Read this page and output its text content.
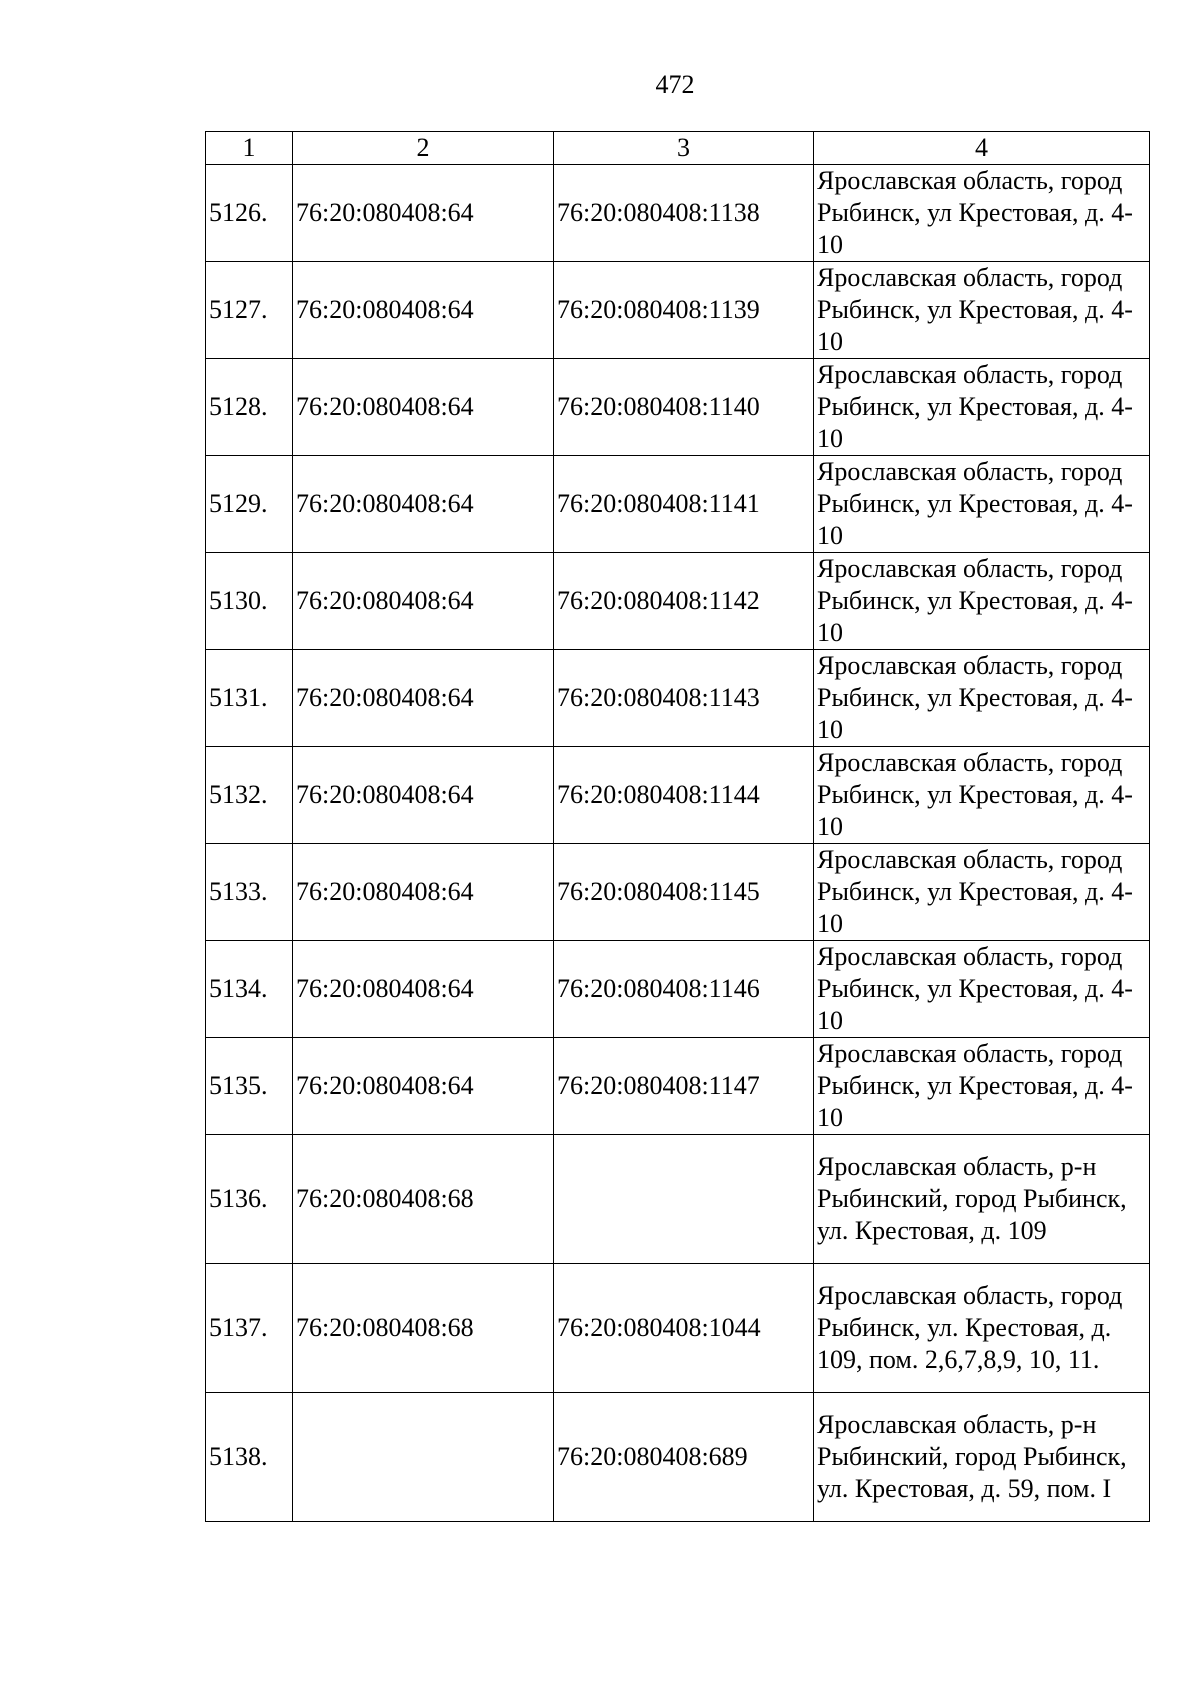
472
1	2	3	4
5126.	76:20:080408:64	76:20:080408:1138	Ярославская область, город Рыбинск, ул Крестовая, д. 4-10
5127.	76:20:080408:64	76:20:080408:1139	Ярославская область, город Рыбинск, ул Крестовая, д. 4-10
5128.	76:20:080408:64	76:20:080408:1140	Ярославская область, город Рыбинск, ул Крестовая, д. 4-10
5129.	76:20:080408:64	76:20:080408:1141	Ярославская область, город Рыбинск, ул Крестовая, д. 4-10
5130.	76:20:080408:64	76:20:080408:1142	Ярославская область, город Рыбинск, ул Крестовая, д. 4-10
5131.	76:20:080408:64	76:20:080408:1143	Ярославская область, город Рыбинск, ул Крестовая, д. 4-10
5132.	76:20:080408:64	76:20:080408:1144	Ярославская область, город Рыбинск, ул Крестовая, д. 4-10
5133.	76:20:080408:64	76:20:080408:1145	Ярославская область, город Рыбинск, ул Крестовая, д. 4-10
5134.	76:20:080408:64	76:20:080408:1146	Ярославская область, город Рыбинск, ул Крестовая, д. 4-10
5135.	76:20:080408:64	76:20:080408:1147	Ярославская область, город Рыбинск, ул Крестовая, д. 4-10
5136.	76:20:080408:68		Ярославская область, р-н Рыбинский, город Рыбинск, ул. Крестовая, д. 109
5137.	76:20:080408:68	76:20:080408:1044	Ярославская область, город Рыбинск, ул. Крестовая, д. 109, пом. 2,6,7,8,9, 10, 11.
5138.		76:20:080408:689	Ярославская область, р-н Рыбинский, город Рыбинск, ул. Крестовая, д. 59, пом. I
